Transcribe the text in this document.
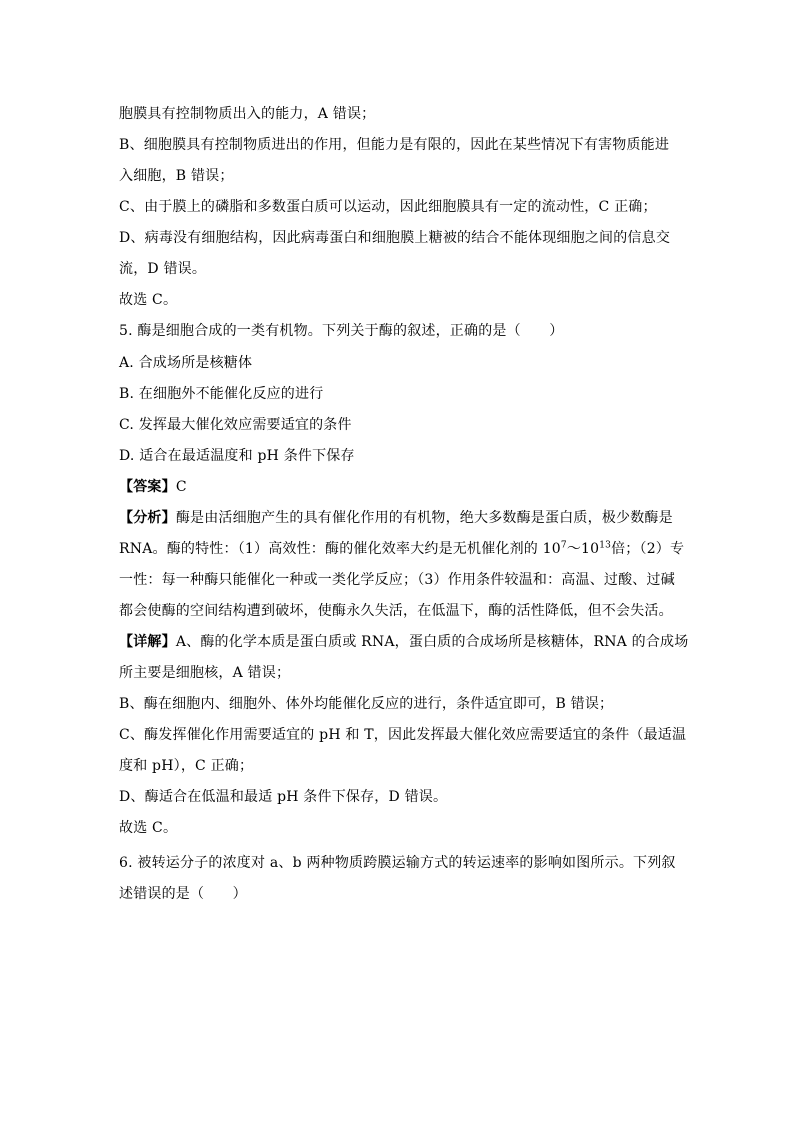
胞膜具有控制物质出入的能力，A 错误；
B、细胞膜具有控制物质进出的作用，但能力是有限的，因此在某些情况下有害物质能进
入细胞，B 错误；
C、由于膜上的磷脂和多数蛋白质可以运动，因此细胞膜具有一定的流动性，C 正确；
D、病毒没有细胞结构，因此病毒蛋白和细胞膜上糖被的结合不能体现细胞之间的信息交
流，D 错误。
故选 C。
5. 酶是细胞合成的一类有机物。下列关于酶的叙述，正确的是（　　）
A. 合成场所是核糖体
B. 在细胞外不能催化反应的进行
C. 发挥最大催化效应需要适宜的条件
D. 适合在最适温度和 pH 条件下保存
【答案】C
【分析】酶是由活细胞产生的具有催化作用的有机物，绝大多数酶是蛋白质，极少数酶是
RNA。酶的特性：（1）高效性：酶的催化效率大约是无机催化剂的 $10^7\sim 10^{13}$倍；（2）专
一性：每一种酶只能催化一种或一类化学反应；（3）作用条件较温和：高温、过酸、过碱
都会使酶的空间结构遭到破坏，使酶永久失活，在低温下，酶的活性降低，但不会失活。
【详解】A、酶的化学本质是蛋白质或 RNA，蛋白质的合成场所是核糖体，RNA 的合成场
所主要是细胞核，A 错误；
B、酶在细胞内、细胞外、体外均能催化反应的进行，条件适宜即可，B 错误；
C、酶发挥催化作用需要适宜的 pH 和 T，因此发挥最大催化效应需要适宜的条件（最适温
度和 pH），C 正确；
D、酶适合在低温和最适 pH 条件下保存，D 错误。
故选 C。
6. 被转运分子的浓度对 a、b 两种物质跨膜运输方式的转运速率的影响如图所示。下列叙
述错误的是（　　）
